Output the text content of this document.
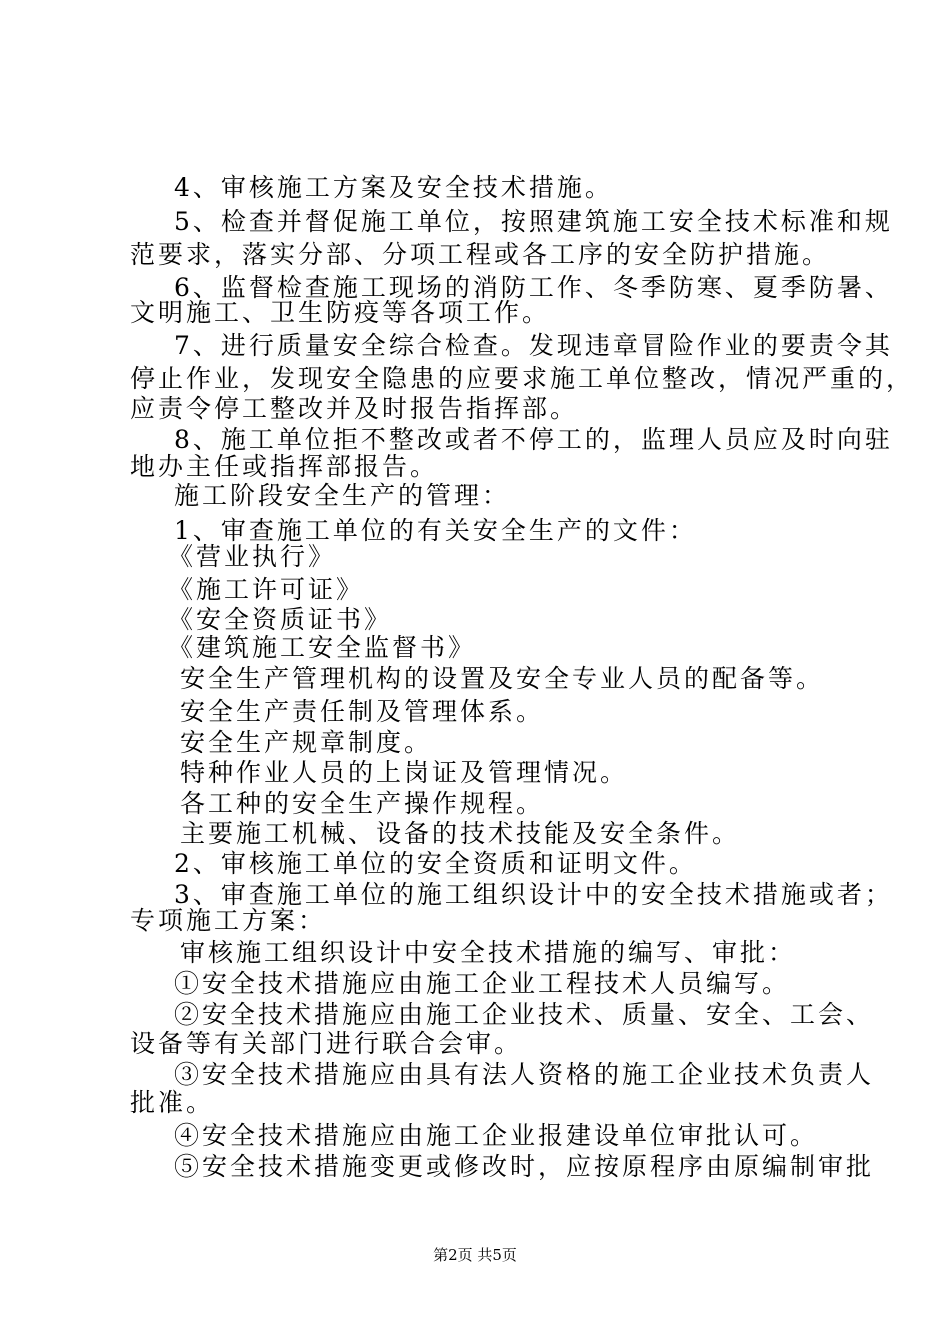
4、审核施工方案及安全技术措施。
5、检查并督促施工单位，按照建筑施工安全技术标准和规
范要求，落实分部、分项工程或各工序的安全防护措施。
6、监督检查施工现场的消防工作、冬季防寒、夏季防暑、
文明施工、卫生防疫等各项工作。
7、进行质量安全综合检查。发现违章冒险作业的要责令其
停止作业，发现安全隐患的应要求施工单位整改，情况严重的，
应责令停工整改并及时报告指挥部。
8、施工单位拒不整改或者不停工的，监理人员应及时向驻
地办主任或指挥部报告。
施工阶段安全生产的管理：
1、审查施工单位的有关安全生产的文件：
《营业执行》
《施工许可证》
《安全资质证书》
《建筑施工安全监督书》
安全生产管理机构的设置及安全专业人员的配备等。
安全生产责任制及管理体系。
安全生产规章制度。
特种作业人员的上岗证及管理情况。
各工种的安全生产操作规程。
主要施工机械、设备的技术技能及安全条件。
2、审核施工单位的安全资质和证明文件。
3、审查施工单位的施工组织设计中的安全技术措施或者；
专项施工方案：
审核施工组织设计中安全技术措施的编写、审批：
①安全技术措施应由施工企业工程技术人员编写。
②安全技术措施应由施工企业技术、质量、安全、工会、
设备等有关部门进行联合会审。
③安全技术措施应由具有法人资格的施工企业技术负责人
批准。
④安全技术措施应由施工企业报建设单位审批认可。
⑤安全技术措施变更或修改时，应按原程序由原编制审批
第2页 共5页
